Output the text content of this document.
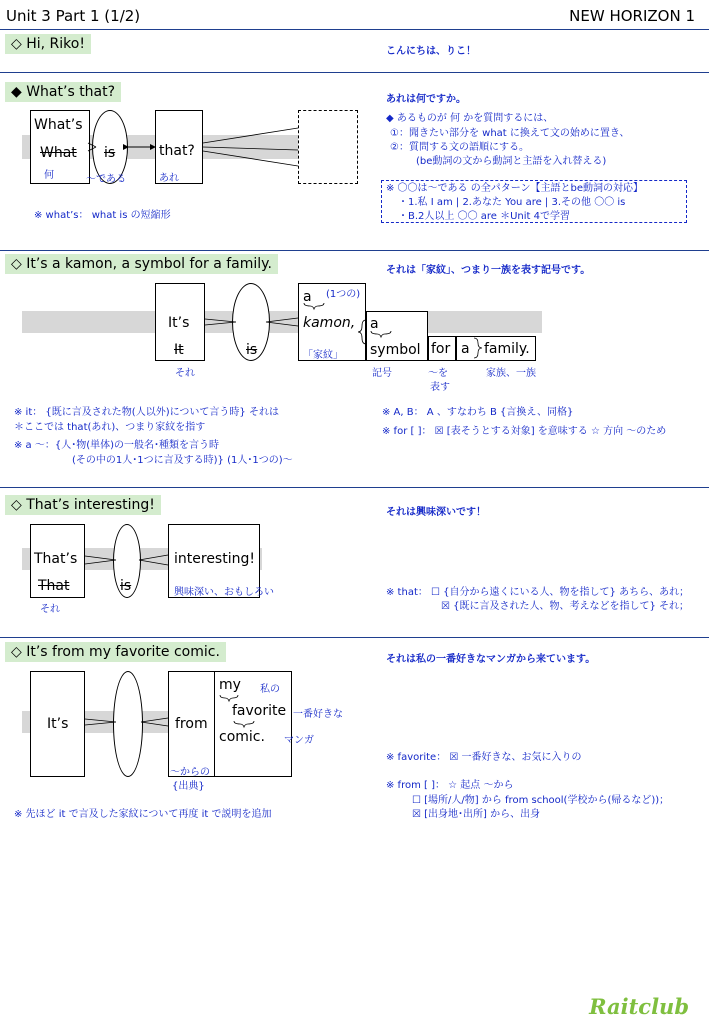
Unit 3 Part 1 (1/2)	NEW HORIZON 1
◇ Hi, Riko!	こんにちは、りこ！
◆ What’s that?	あれは何ですか。
What’s
What is	that?
何	〜である	あれ
※ what’s： what is の短縮形
◆ あるものが 何 かを質問するには、
①：聞きたい部分を what に換えて文の始めに置き、
②：質問する文の語順にする。
(be動詞の文から動詞と主語を入れ替える)
※ 〇〇は〜である の全パターン【主語とbe動詞の対応】
・1.私 I am | 2.あなた You are | 3.その他 〇〇 is
・B.2人以上 〇〇 are ＊Unit 4で学習
◇ It’s a kamon, a symbol for a family.	それは「家紋」、つまり一族を表す記号です。
It’s
It	is
a
kamon, a
symbol for a family.
(1つの)
「家紋」
それ	記号	〜を
表す
家族、一族
※ it： {既に言及された物(人以外)について言う時} それは
＊ここでは that(あれ)、つまり家紋を指す
※ a 〜：{人･物(単体)の一般名･種類を言う時
(その中の1人･1つに言及する時)} (1人･1つの)〜
※ A, B： A 、すなわち B {言換え、同格}
※ for [ ]： ☒ [表そうとする対象] を意味する ☆ 方向 〜のため
◇ That’s interesting!	それは興味深いです！
That’s
That	is
interesting!
それ
興味深い、おもしろい	※ that： ☐ {自分から遠くにいる人、物を指して} あちら、あれ；
☒ {既に言及された人、物、考えなどを指して} それ；
◇ It’s from my favorite comic.	それは私の一番好きなマンガから来ています。
It’s	from
my
favorite
comic.
私の
一番好きな
マンガ
〜からの
{出典}
※ favorite： ☒ 一番好きな、お気に入りの
※ from [ ]： ☆ 起点 〜から
☐ [場所/人/物] から from school(学校から(帰るなど))；
☒ [出身地･出所] から、出身
※ 先ほど it で言及した家紋について再度 it で説明を追加
Raitclub
